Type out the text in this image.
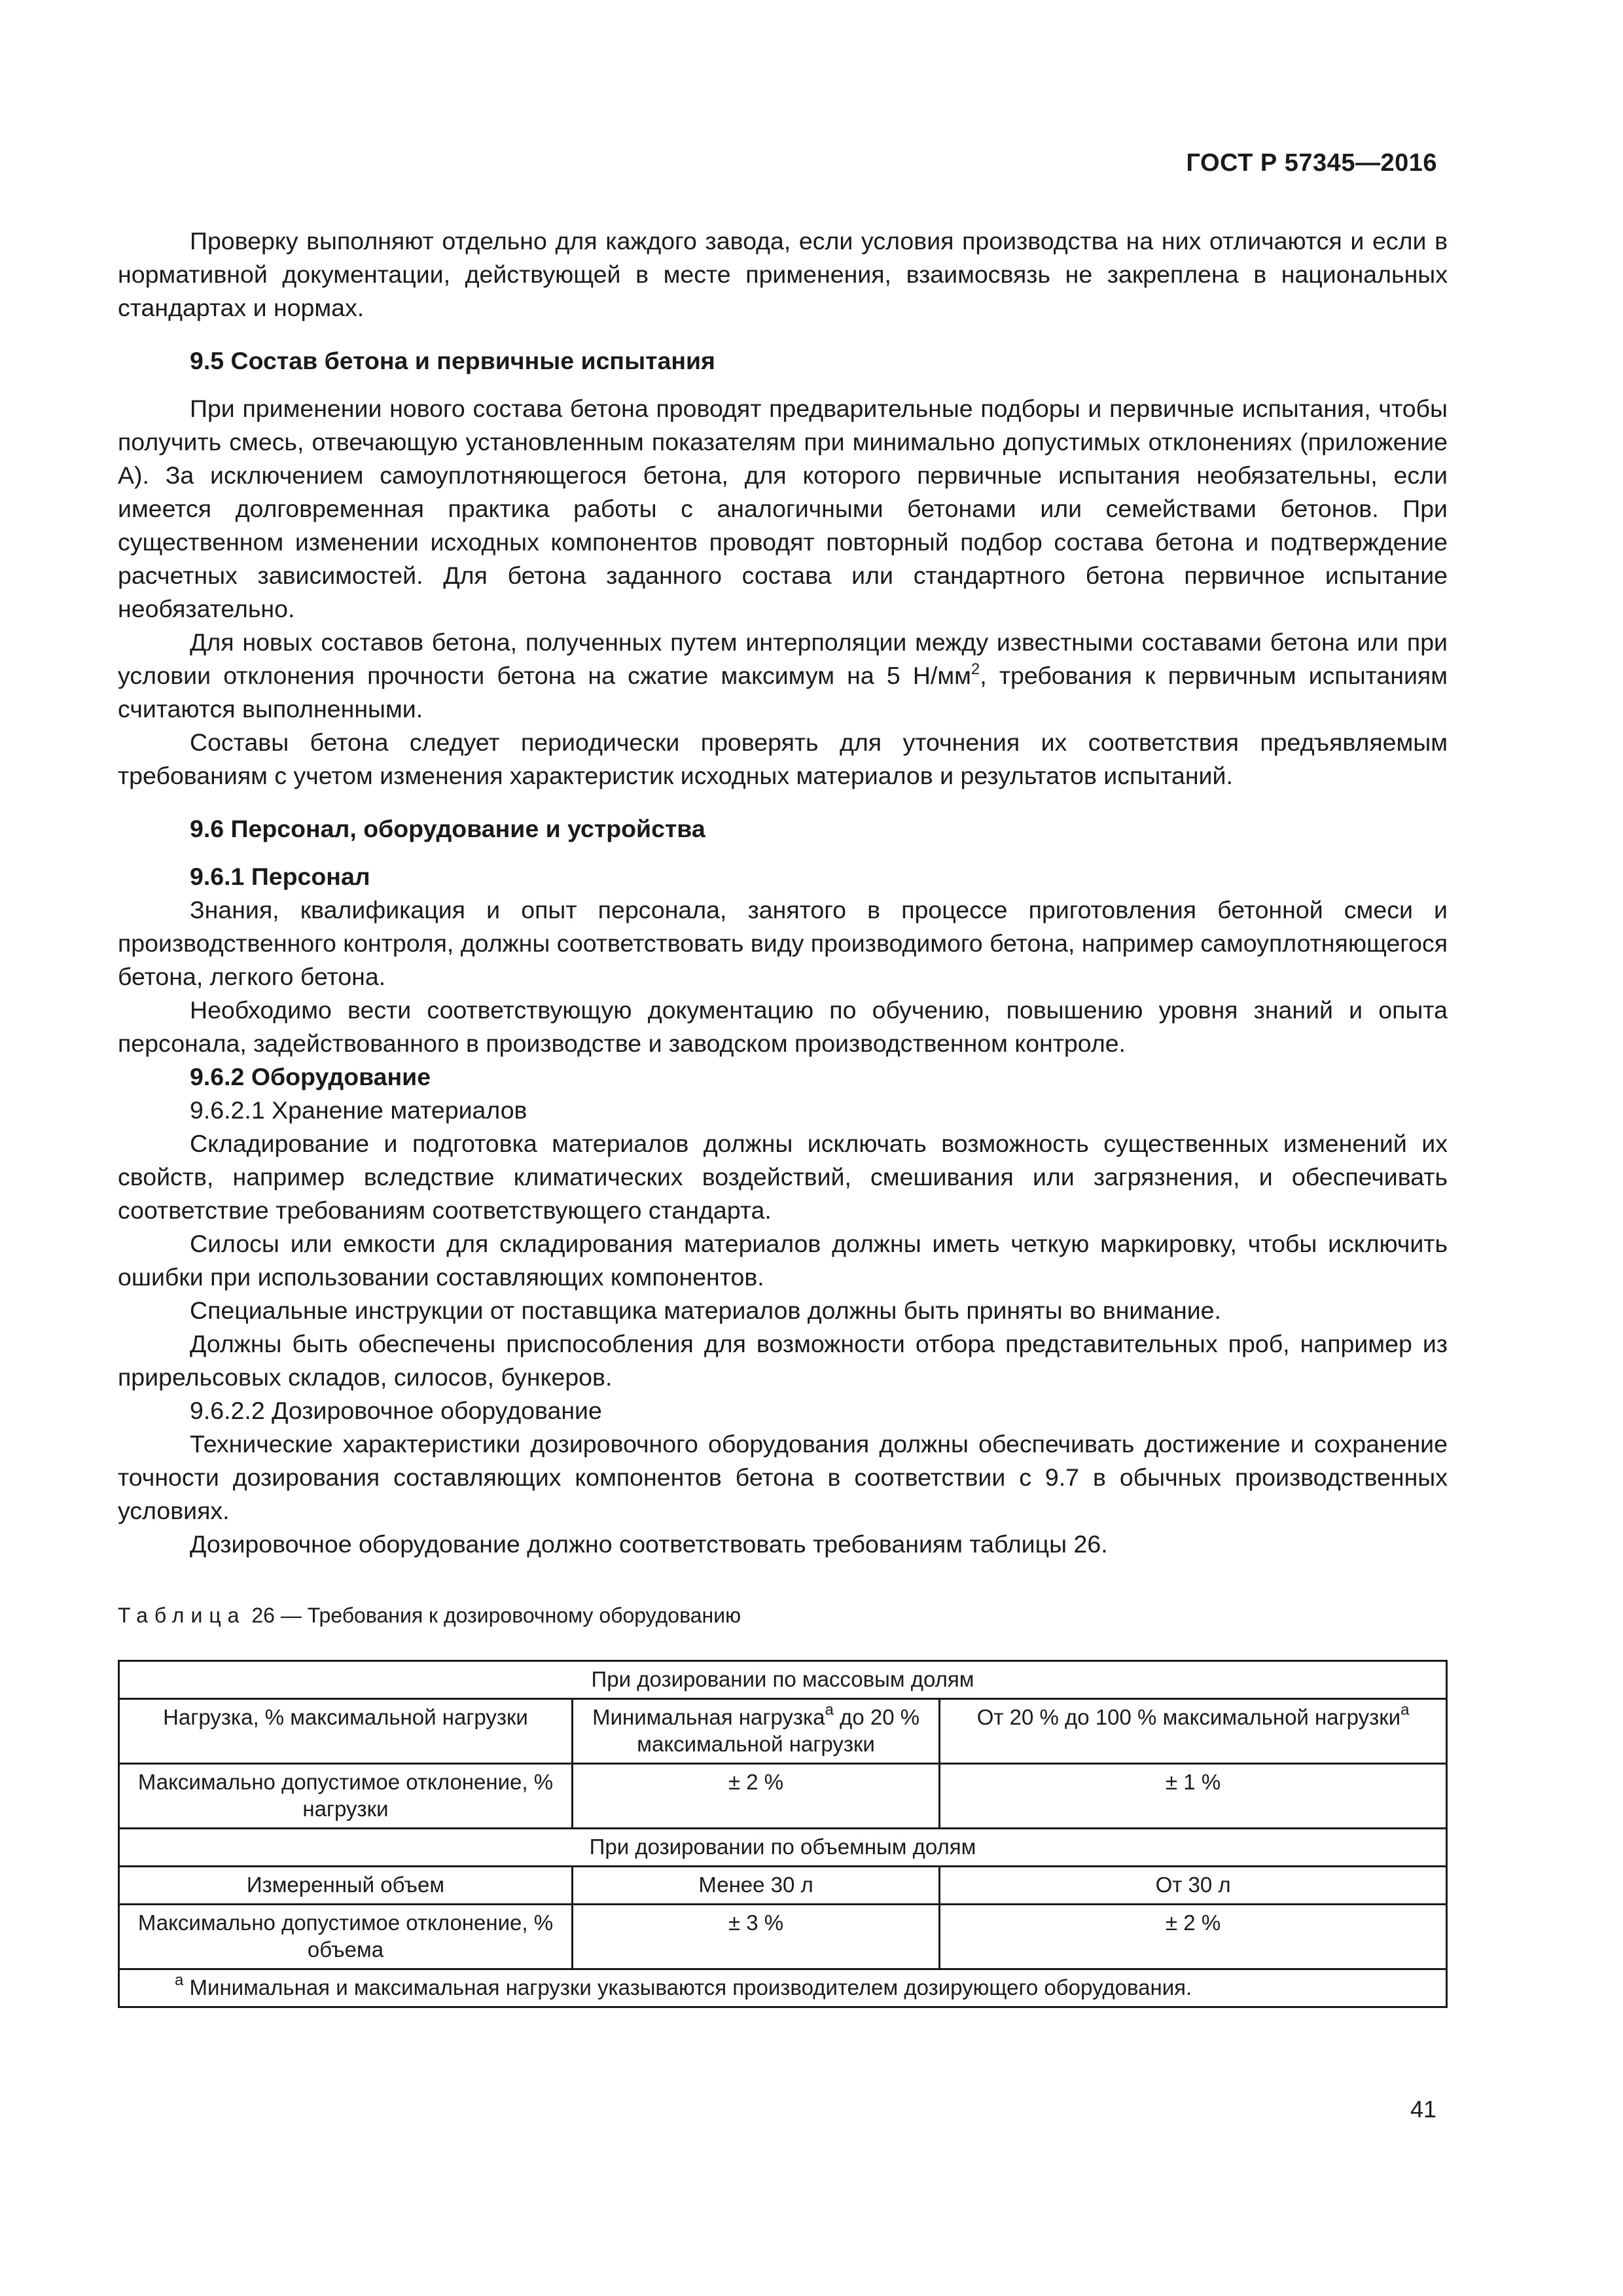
ГОСТ Р 57345—2016

Проверку выполняют отдельно для каждого завода, если условия производства на них отличаются и если в нормативной документации, действующей в месте применения, взаимосвязь не закреплена в национальных стандартах и нормах.

9.5 Состав бетона и первичные испытания

При применении нового состава бетона проводят предварительные подборы и первичные испытания, чтобы получить смесь, отвечающую установленным показателям при минимально допустимых отклонениях (приложение А). За исключением самоуплотняющегося бетона, для которого первичные испытания необязательны, если имеется долговременная практика работы с аналогичными бетонами или семействами бетонов. При существенном изменении исходных компонентов проводят повторный подбор состава бетона и подтверждение расчетных зависимостей. Для бетона заданного состава или стандартного бетона первичное испытание необязательно.

Для новых составов бетона, полученных путем интерполяции между известными составами бетона или при условии отклонения прочности бетона на сжатие максимум на 5 $Н/мм^2$, требования к первичным испытаниям считаются выполненными.

Составы бетона следует периодически проверять для уточнения их соответствия предъявляемым требованиям с учетом изменения характеристик исходных материалов и результатов испытаний.

9.6 Персонал, оборудование и устройства
9.6.1 Персонал

Знания, квалификация и опыт персонала, занятого в процессе приготовления бетонной смеси и производственного контроля, должны соответствовать виду производимого бетона, например самоуплотняющегося бетона, легкого бетона.

Необходимо вести соответствующую документацию по обучению, повышению уровня знаний и опыта персонала, задействованного в производстве и заводском производственном контроле.

9.6.2 Оборудование
9.6.2.1 Хранение материалов

Складирование и подготовка материалов должны исключать возможность существенных изменений их свойств, например вследствие климатических воздействий, смешивания или загрязнения, и обеспечивать соответствие требованиям соответствующего стандарта.

Силосы или емкости для складирования материалов должны иметь четкую маркировку, чтобы исключить ошибки при использовании составляющих компонентов.

Специальные инструкции от поставщика материалов должны быть приняты во внимание.

Должны быть обеспечены приспособления для возможности отбора представительных проб, например из прирельсовых складов, силосов, бункеров.

9.6.2.2 Дозировочное оборудование

Технические характеристики дозировочного оборудования должны обеспечивать достижение и сохранение точности дозирования составляющих компонентов бетона в соответствии с 9.7 в обычных производственных условиях.

Дозировочное оборудование должно соответствовать требованиям таблицы 26.

Таблица 26 — Требования к дозировочному оборудованию
При дозировании по массовым долям		
Нагрузка, % максимальной нагрузки	Минимальная нагрузка$^а$ до 20 % максимальной нагрузки	От 20 % до 100 % максимальной нагрузки$^а$
Максимально допустимое отклонение, % нагрузки	± 2 %	± 1 %
При дозировании по объемным долям		
Измеренный объем	Менее 30 л	От 30 л
Максимально допустимое отклонение, % объема	± 3 %	± 2 %
$^а$ Минимальная и максимальная нагрузки указываются производителем дозирующего оборудования.		
41
